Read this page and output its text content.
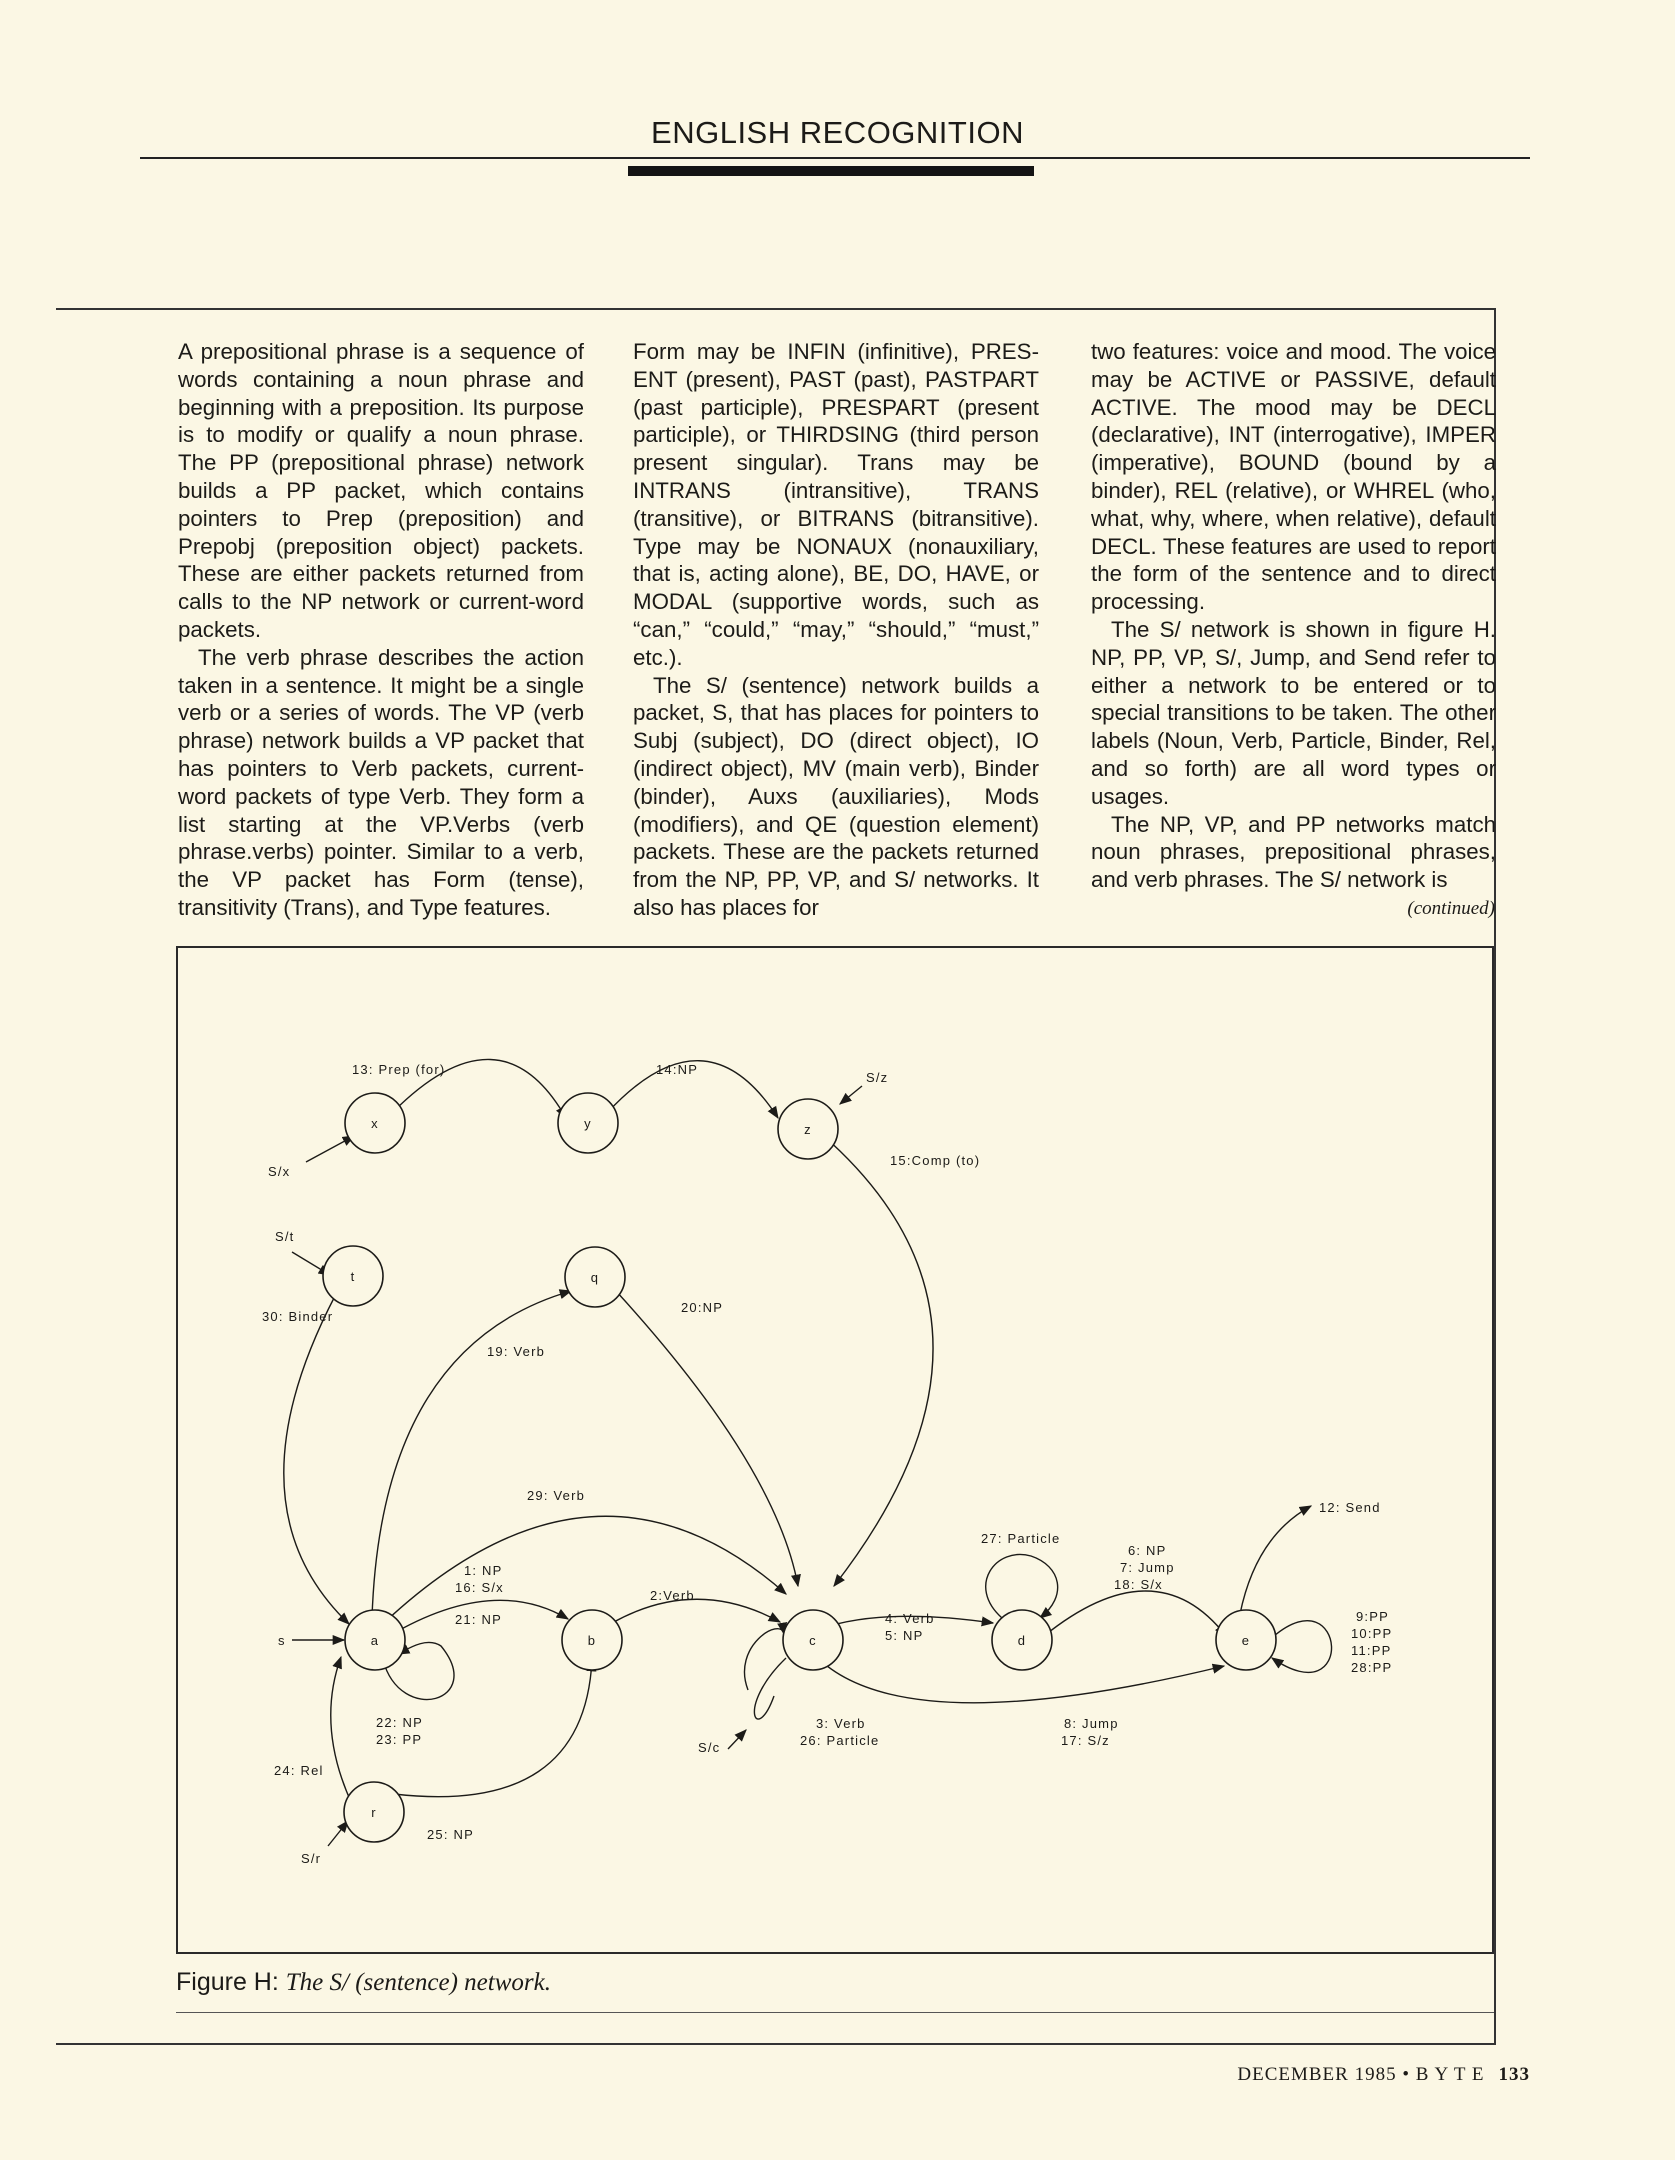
ENGLISH RECOGNITION

A prepositional phrase is a sequence of words containing a noun phrase and beginning with a preposition. Its purpose is to modify or qualify a noun phrase. The PP (prepositional phrase) network builds a PP packet, which contains pointers to Prep (preposition) and Prepobj (preposition object) packets. These are either packets returned from calls to the NP network or current-word packets.

The verb phrase describes the action taken in a sentence. It might be a single verb or a series of words. The VP (verb phrase) network builds a VP packet that has pointers to Verb packets, current-word packets of type Verb. They form a list starting at the VP.Verbs (verb phrase.verbs) pointer. Similar to a verb, the VP packet has Form (tense), transitivity (Trans), and Type features.

Form may be INFIN (infinitive), PRESENT (present), PAST (past), PASTPART (past participle), PRESPART (present participle), or THIRDSING (third person present singular). Trans may be INTRANS (intransitive), TRANS (transitive), or BITRANS (bitransitive). Type may be NONAUX (nonauxiliary, that is, acting alone), BE, DO, HAVE, or MODAL (supportive words, such as “can,” “could,” “may,” “should,” “must,” etc.).

The S/ (sentence) network builds a packet, S, that has places for pointers to Subj (subject), DO (direct object), IO (indirect object), MV (main verb), Binder (binder), Auxs (auxiliaries), Mods (modifiers), and QE (question element) packets. These are the packets returned from the NP, PP, VP, and S/ networks. It also has places for

two features: voice and mood. The voice may be ACTIVE or PASSIVE, default ACTIVE. The mood may be DECL (declarative), INT (interrogative), IMPER (imperative), BOUND (bound by a binder), REL (relative), or WHREL (who, what, why, where, when relative), default DECL. These features are used to report the form of the sentence and to direct processing.

The S/ network is shown in figure H. NP, PP, VP, S/, Jump, and Send refer to either a network to be entered or to special transitions to be taken. The other labels (Noun, Verb, Particle, Binder, Rel, and so forth) are all word types or usages.

The NP, VP, and PP networks match noun phrases, prepositional phrases, and verb phrases. The S/ network is

(continued)
x	y	z
t	q
a	b	c	d	e
r
13: Prep (for)	14:NP
S/z
S/x
15:Comp (to)
S/t
30: Binder
20:NP
19: Verb
29: Verb
12: Send
27: Particle
6: NP
7: Jump
18: S/x
1: NP
16: S/x
21: NP
2:Verb
4: Verb
5: NP
9:PP
10:PP
11:PP
28:PP
s
22: NP
23: PP
S/c
3: Verb
26: Particle
8: Jump
17: S/z
24: Rel
25: NP
S/r
Figure H: The S/ (sentence) network.
DECEMBER 1985 • B Y T E 133
